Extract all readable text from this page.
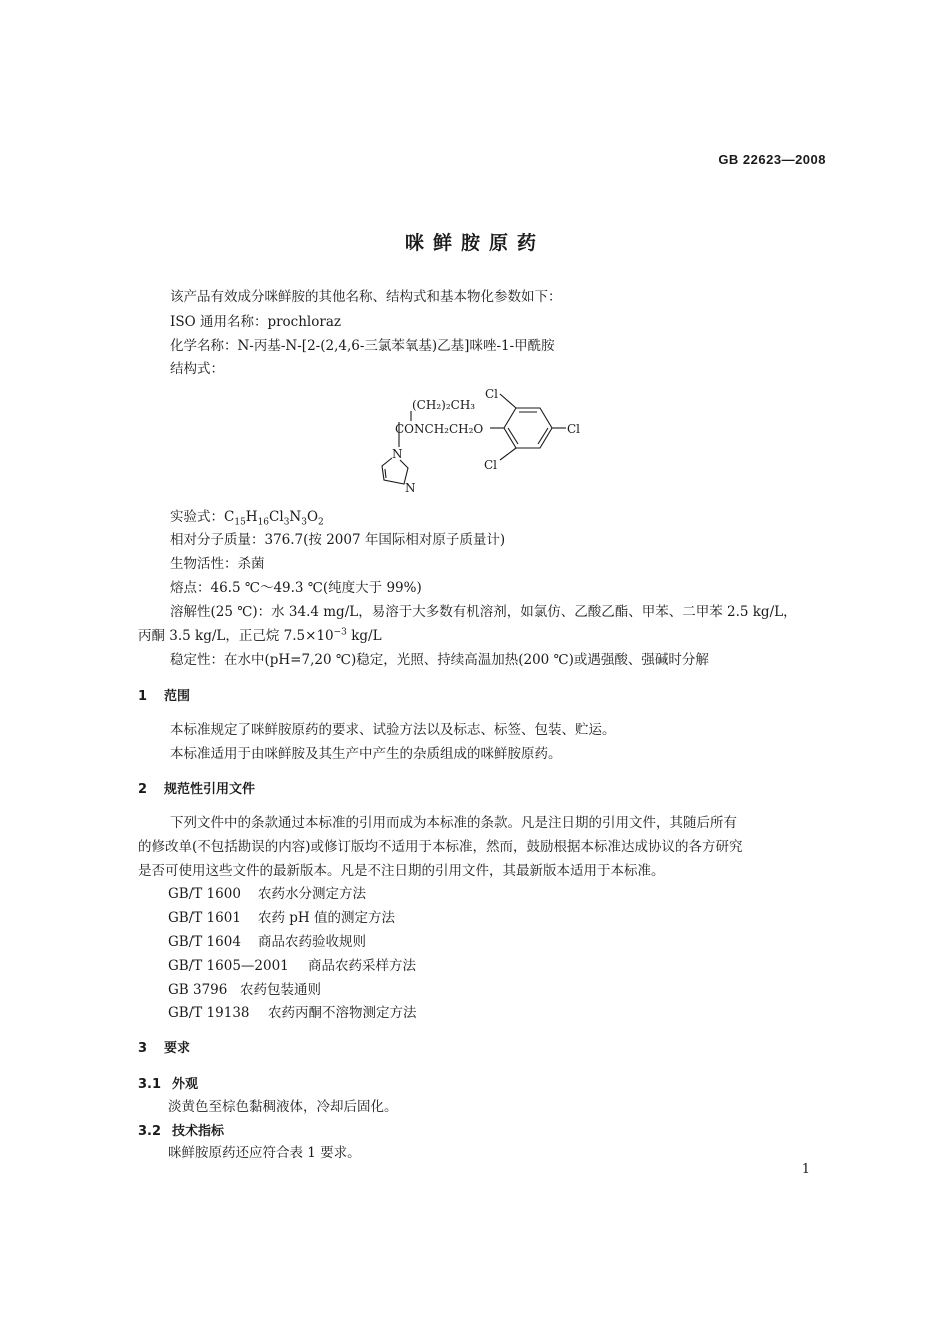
GB 22623—2008
咪鲜胺原药
该产品有效成分咪鲜胺的其他名称、结构式和基本物化参数如下：
ISO 通用名称：prochloraz
化学名称：N-丙基-N-[2-(2,4,6-三氯苯氧基)乙基]咪唑-1-甲酰胺
结构式：
(CH₂)₂CH₃
CONCH₂CH₂O
N
N
Cl
Cl
Cl
实验式：$C_{15}H_{16}Cl_3N_3O_2$
相对分子质量：376.7(按 2007 年国际相对原子质量计)
生物活性：杀菌
熔点：46.5 ℃～49.3 ℃(纯度大于 99%)
溶解性(25 ℃)：水 34.4 mg/L，易溶于大多数有机溶剂，如氯仿、乙酸乙酯、甲苯、二甲苯 2.5 kg/L，
丙酮 3.5 kg/L，正己烷 $7.5\times 10^{-3}$ kg/L
稳定性：在水中(pH=7,20 ℃)稳定，光照、持续高温加热(200 ℃)或遇强酸、强碱时分解
1 范围
本标准规定了咪鲜胺原药的要求、试验方法以及标志、标签、包装、贮运。
本标准适用于由咪鲜胺及其生产中产生的杂质组成的咪鲜胺原药。
2 规范性引用文件
下列文件中的条款通过本标准的引用而成为本标准的条款。凡是注日期的引用文件，其随后所有
的修改单(不包括勘误的内容)或修订版均不适用于本标准，然而，鼓励根据本标准达成协议的各方研究
是否可使用这些文件的最新版本。凡是不注日期的引用文件，其最新版本适用于本标准。
GB/T 1600 农药水分测定方法
GB/T 1601 农药 pH 值的测定方法
GB/T 1604 商品农药验收规则
GB/T 1605—2001 商品农药采样方法
GB 3796 农药包装通则
GB/T 19138 农药丙酮不溶物测定方法
3 要求
3.1 外观
淡黄色至棕色黏稠液体，冷却后固化。
3.2 技术指标
咪鲜胺原药还应符合表 1 要求。
1
